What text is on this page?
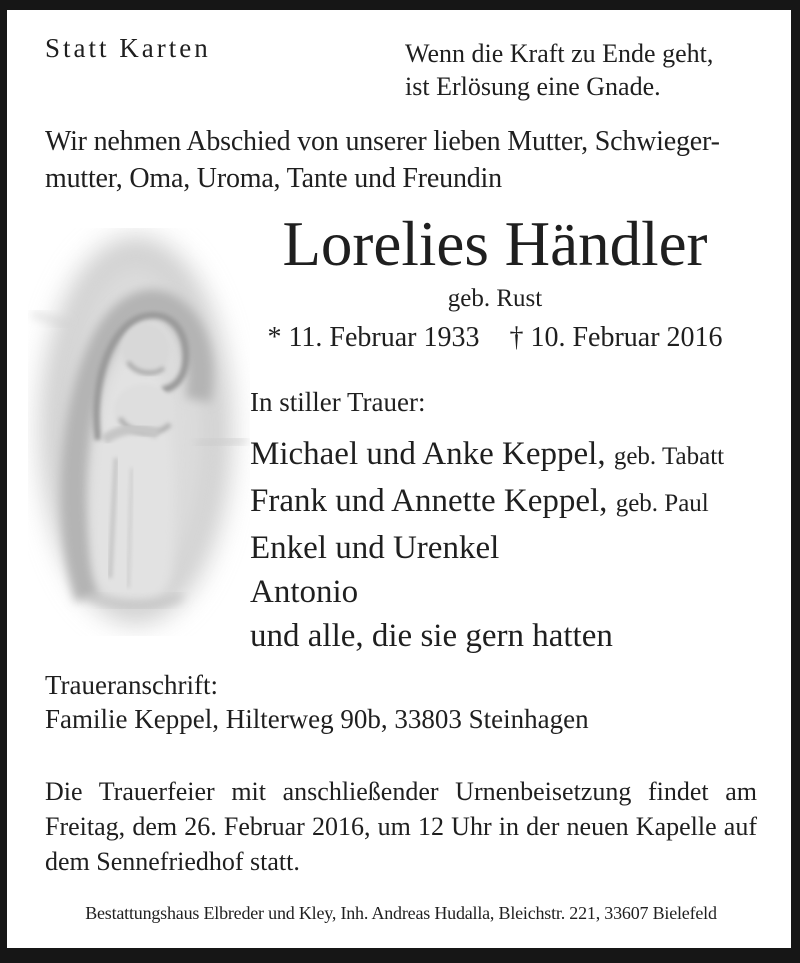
Statt Karten	Wenn die Kraft zu Ende geht,
ist Erlösung eine Gnade.
Wir nehmen Abschied von unserer lieben Mutter, Schwieger-
mutter, Oma, Uroma, Tante und Freundin
Lorelies Händler
geb. Rust
* 11. Februar 1933 † 10. Februar 2016
In stiller Trauer:
Michael und Anke Keppel, geb. Tabatt
Frank und Annette Keppel, geb. Paul
Enkel und Urenkel
Antonio
und alle, die sie gern hatten
Traueranschrift:
Familie Keppel, Hilterweg 90b, 33803 Steinhagen
Die Trauerfeier mit anschließender Urnenbeisetzung findet am
Freitag, dem 26. Februar 2016, um 12 Uhr in der neuen Kapelle auf
dem Sennefriedhof statt.
Bestattungshaus Elbreder und Kley, Inh. Andreas Hudalla, Bleichstr. 221, 33607 Bielefeld
